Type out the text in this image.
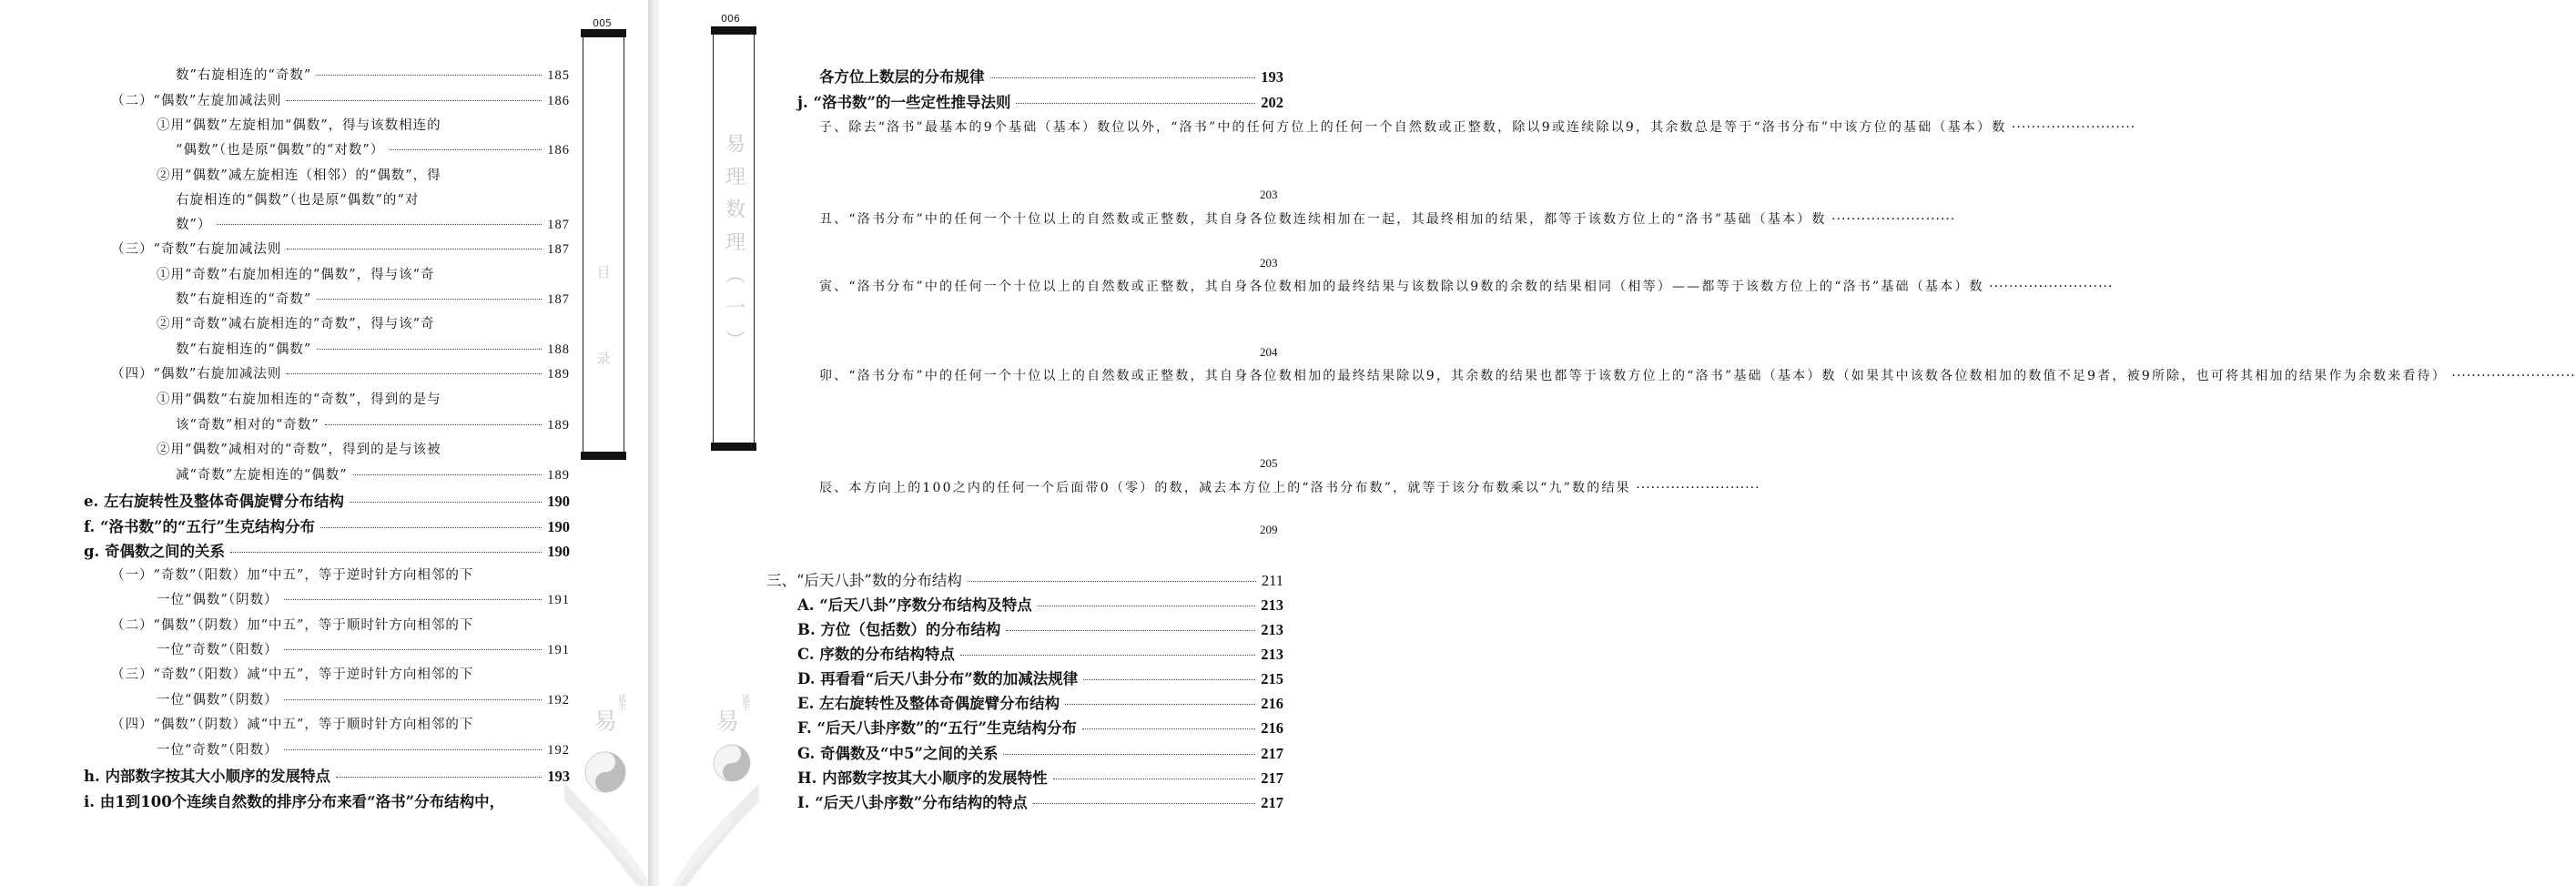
005
目录
数”右旋相连的“奇数”	185
（二）“偶数”左旋加减法则	186
①用“偶数”左旋相加“偶数”，得与该数相连的
“偶数”（也是原“偶数”的“对数”）	186
②用“偶数”减左旋相连（相邻）的“偶数”，得
右旋相连的“偶数”（也是原“偶数”的“对
数”）	187
（三）“奇数”右旋加减法则	187
①用“奇数”右旋加相连的“偶数”，得与该“奇
数”右旋相连的“奇数”	187
②用“奇数”减右旋相连的“奇数”，得与该“奇
数”右旋相连的“偶数”	188
（四）“偶数”右旋加减法则	189
①用“偶数”右旋加相连的“奇数”，得到的是与
该“奇数”相对的“奇数”	189
②用“偶数”减相对的“奇数”，得到的是与该被
减“奇数”左旋相连的“偶数”	189
e. 左右旋转性及整体奇偶旋臂分布结构	190
f. “洛书数”的“五行”生克结构分布	190
g. 奇偶数之间的关系	190
（一）“奇数”（阳数）加“中五”，等于逆时针方向相邻的下
一位“偶数”（阴数）	191
（二）“偶数”（阴数）加“中五”，等于顺时针方向相邻的下
一位“奇数”（阳数）	191
（三）“奇数”（阳数）减“中五”，等于逆时针方向相邻的下
一位“偶数”（阴数）	192
（四）“偶数”（阴数）减“中五”，等于顺时针方向相邻的下
一位“奇数”（阳数）	192
h. 内部数字按其大小顺序的发展特点	193
i. 由1到100个连续自然数的排序分布来看“洛书”分布结构中，
易
延生
006
易理数理（一）
各方位上数层的分布规律	193
j. “洛书数”的一些定性推导法则	202
子、除去“洛书”最基本的9个基础（基本）数位以外，“洛书”中的任何方位上的任何一个自然数或正整数，除以9或连续除以9，其余数总是等于“洛书分布”中该方位的基础（基本）数 ·························
203
丑、“洛书分布”中的任何一个十位以上的自然数或正整数，其自身各位数连续相加在一起，其最终相加的结果，都等于该数方位上的“洛书”基础（基本）数 ·························
203
寅、“洛书分布”中的任何一个十位以上的自然数或正整数，其自身各位数相加的最终结果与该数除以9数的余数的结果相同（相等）——都等于该数方位上的“洛书”基础（基本）数 ·························
204
卯、“洛书分布”中的任何一个十位以上的自然数或正整数，其自身各位数相加的最终结果除以9，其余数的结果也都等于该数方位上的“洛书”基础（基本）数（如果其中该数各位数相加的数值不足9者，被9所除，也可将其相加的结果作为余数来看待） ·························
205
辰、本方向上的100之内的任何一个后面带0（零）的数，减去本方位上的“洛书分布数”，就等于该分布数乘以“九”数的结果 ·························
209
三、“后天八卦”数的分布结构	211
A. “后天八卦”序数分布结构及特点	213
B. 方位（包括数）的分布结构	213
C. 序数的分布结构特点	213
D. 再看看“后天八卦分布”数的加减法规律	215
E. 左右旋转性及整体奇偶旋臂分布结构	216
F. “后天八卦序数”的“五行”生克结构分布	216
G. 奇偶数及“中5”之间的关系	217
H. 内部数字按其大小顺序的发展特性	217
I. “后天八卦序数”分布结构的特点	217
易
延生
